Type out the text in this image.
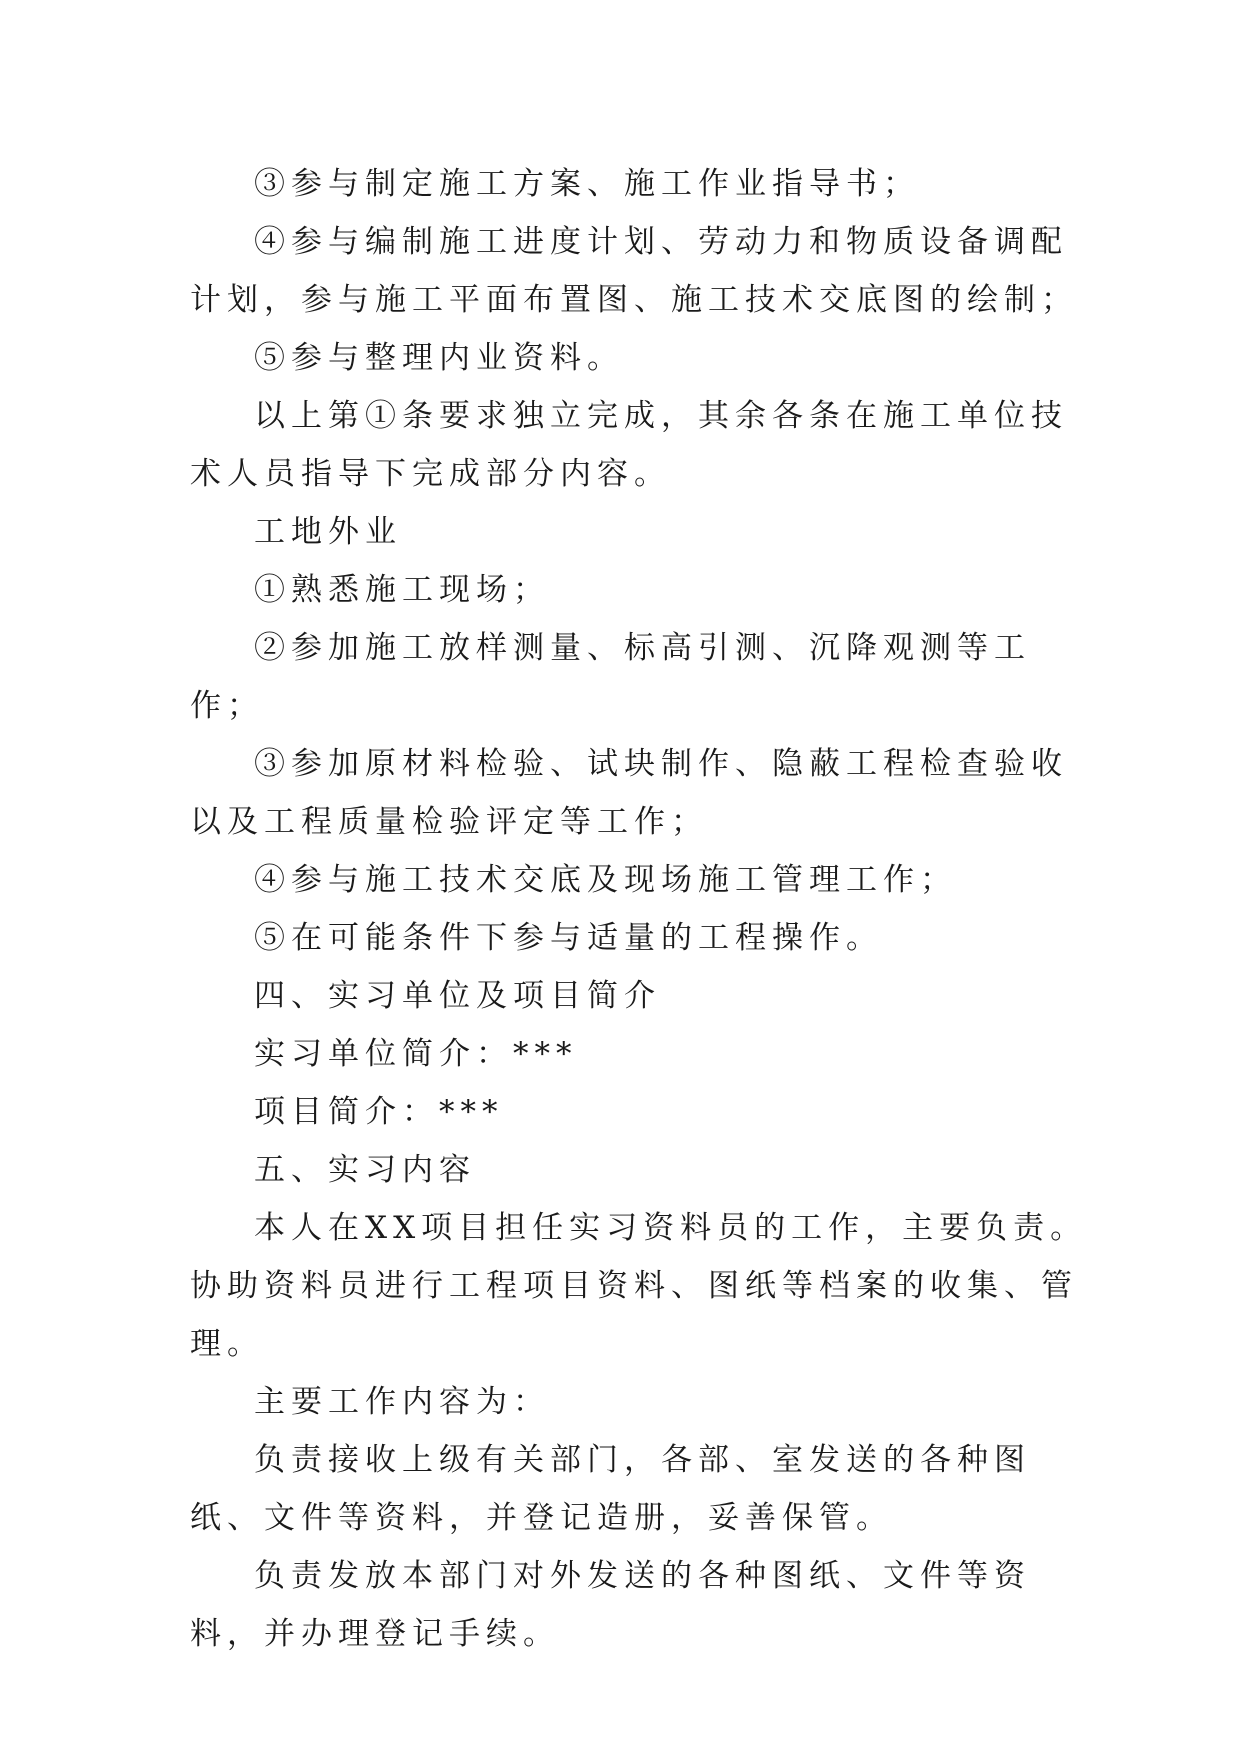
③参与制定施工方案、施工作业指导书；

④参与编制施工进度计划、劳动力和物质设备调配计划，参与施工平面布置图、施工技术交底图的绘制；

⑤参与整理内业资料。

以上第①条要求独立完成，其余各条在施工单位技术人员指导下完成部分内容。

工地外业

①熟悉施工现场；

②参加施工放样测量、标高引测、沉降观测等工作；

③参加原材料检验、试块制作、隐蔽工程检查验收以及工程质量检验评定等工作；

④参与施工技术交底及现场施工管理工作；

⑤在可能条件下参与适量的工程操作。

四、实习单位及项目简介

实习单位简介：***

项目简介：***

五、实习内容

本人在XX项目担任实习资料员的工作，主要负责。协助资料员进行工程项目资料、图纸等档案的收集、管理。

主要工作内容为：

负责接收上级有关部门，各部、室发送的各种图纸、文件等资料，并登记造册，妥善保管。

负责发放本部门对外发送的各种图纸、文件等资料，并办理登记手续。
